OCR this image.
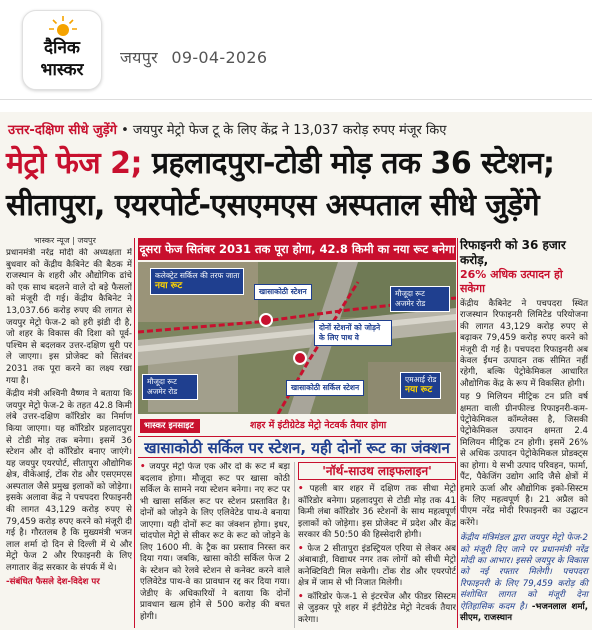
दैनिक
भास्कर
जयपुर 09-04-2026
उत्तर-दक्षिण सीधे जुड़ेंगे • जयपुर मेट्रो फेज टू के लिए केंद्र ने 13,037 करोड़ रुपए मंजूर किए
मेट्रो फेज 2; प्रहलादपुरा-टोडी मोड़ तक 36 स्टेशन;
सीतापुरा, एयरपोर्ट-एसएमएस अस्पताल सीधे जुड़ेंगे
भास्कर न्यूज | जयपुर

प्रधानमंत्री नरेंद्र मोदी की अध्यक्षता में बुधवार को केंद्रीय कैबिनेट की बैठक में राजस्थान के शहरी और औद्योगिक ढांचे को एक साथ बदलने वाले दो बड़े फैसलों को मंजूरी दी गई। केंद्रीय कैबिनेट ने 13,037.66 करोड़ रुपए की लागत से जयपुर मेट्रो फेज-2 को हरी झंडी दी है, जो शहर के विकास की दिशा को पूर्व-पश्चिम से बदलकर उत्तर-दक्षिण धुरी पर ले जाएगा। इस प्रोजेक्ट को सितंबर 2031 तक पूरा करने का लक्ष्य रखा गया है।

केंद्रीय मंत्री अश्विनी वैष्णव ने बताया कि जयपुर मेट्रो फेज-2 के तहत 42.8 किमी लंबे उत्तर-दक्षिण कॉरिडोर का निर्माण किया जाएगा। यह कॉरिडोर प्रहलादपुरा से टोडी मोड़ तक बनेगा। इसमें 36 स्टेशन और दो कॉरिडोर बनाए जाएंगे। यह जयपुर एयरपोर्ट, सीतापुरा औद्योगिक क्षेत्र, वीकेआई, टोंक रोड और एसएमएस अस्पताल जैसे प्रमुख इलाकों को जोड़ेगा। इसके अलावा केंद्र ने पचपदरा रिफाइनरी की लागत 43,129 करोड़ रुपए से 79,459 करोड़ रुपए करने को मंजूरी दी गई है। गौरतलब है कि मुख्यमंत्री भजन लाल शर्मा दो दिन से दिल्ली में थे और मेट्रो फेज 2 और रिफाइनरी के लिए लगातार केंद्र सरकार के संपर्क में थे।

-संबंधित फैसले देश-विदेश पर

दूसरा फेज सितंबर 2031 तक पूरा होगा, 42.8 किमी का नया रूट बनेगा
कलेक्ट्रेट सर्किल की तरफ जाता
नया रूट
खासाकोठी स्टेशन	मौजूदा रूट अजमेर रोड
दोनों स्टेशनों को जोड़ने के लिए पाथ वे
मौजूदा रूट अजमेर रोड	खासाकोठी सर्किल स्टेशन
एमआई रोड
नया रूट
भास्कर इनसाइट	शहर में इंटीग्रेटेड मेट्रो नेटवर्क तैयार होगा
खासाकोठी सर्किल पर स्टेशन, यही दोनों रूट का जंक्शन

• जयपुर मेट्रो फेज एक और दो के रूट में बड़ा बदलाव होगा। मौजूदा रूट पर खासा कोठी सर्किल के सामने नया स्टेशन बनेगा। नए रूट पर भी खासा सर्किल रूट पर स्टेशन प्रस्तावित है। दोनों को जोड़ने के लिए एलिवेटेड पाथ-वे बनाया जाएगा। यही दोनों रूट का जंक्शन होगा। इधर, चांदपोल मेट्रो से सीकर रूट के रूट को जोड़ने के लिए 1600 मी. के ट्रैक का प्रस्ताव निरस्त कर दिया गया। जबकि, खासा कोठी सर्किल फेज 2 के स्टेशन को रेलवे स्टेशन से कनेक्ट करने वाले एलिवेटेड पाथ-वे का प्रावधान रद्द कर दिया गया। जेडीए के अधिकारियों ने बताया कि दोनों प्रावधान खत्म होने से 500 करोड़ की बचत होगी।

'नॉर्थ-साउथ लाइफलाइन'

• पहली बार शहर में दक्षिण तक सीधा मेट्रो कॉरिडोर बनेगा। प्रहलादपुरा से टोडी मोड़ तक 41 किमी लंबा कॉरिडोर 36 स्टेशनों के साथ महत्वपूर्ण इलाकों को जोड़ेगा। इस प्रोजेक्ट में प्रदेश और केंद्र सरकार की 50:50 की हिस्सेदारी होगी।

• फेज 2 सीतापुरा इंडस्ट्रियल एरिया से लेकर अब अंबाबाड़ी, विद्याधर नगर तक लोगों को सीधी मेट्रो कनेक्टिविटी मिल सकेगी। टोंक रोड और एयरपोर्ट क्षेत्र में जाम से भी निजात मिलेगी।

• कॉरिडोर फेज-1 से इंटरचेंज और फीडर सिस्टम से जुड़कर पूरे शहर में इंटीग्रेटेड मेट्रो नेटवर्क तैयार करेगा।

रिफाइनरी को 36 हजार करोड़,
26% अधिक उत्पादन हो सकेगा

केंद्रीय कैबिनेट ने पचपदरा स्थित राजस्थान रिफाइनरी लिमिटेड परियोजना की लागत 43,129 करोड़ रुपए से बढ़ाकर 79,459 करोड़ रुपए करने को मंजूरी दी गई है। पचपदरा रिफाइनरी अब केवल ईंधन उत्पादन तक सीमित नहीं रहेगी, बल्कि पेट्रोकेमिकल आधारित औद्योगिक केंद्र के रूप में विकसित होगी।

यह 9 मिलियन मीट्रिक टन प्रति वर्ष क्षमता वाली ग्रीनफील्ड रिफाइनरी-कम-पेट्रोकेमिकल कॉम्प्लेक्स है, जिसकी पेट्रोकेमिकल उत्पादन क्षमता 2.4 मिलियन मीट्रिक टन होगी। इसमें 26% से अधिक उत्पादन पेट्रोकेमिकल प्रोडक्ट्स का होगा। ये सभी उत्पाद परिवहन, फार्मा, पैंट, पैकेजिंग उद्योग आदि जैसे क्षेत्रों में हमारे ऊर्जा और औद्योगिक इको-सिस्टम के लिए महत्वपूर्ण है। 21 अप्रैल को पीएम नरेंद्र मोदी रिफाइनरी का उद्घाटन करेंगे।

केंद्रीय मंत्रिमंडल द्वारा जयपुर मेट्रो फेज-2 को मंजूरी दिए जाने पर प्रधानमंत्री नरेंद्र मोदी का आभार। इससे जयपुर के विकास को नई रफ्तार मिलेगी। पचपदरा रिफाइनरी के लिए 79,459 करोड़ की संशोधित लागत को मंजूरी देना ऐतिहासिक कदम है। -भजनलाल शर्मा, सीएम, राजस्थान
